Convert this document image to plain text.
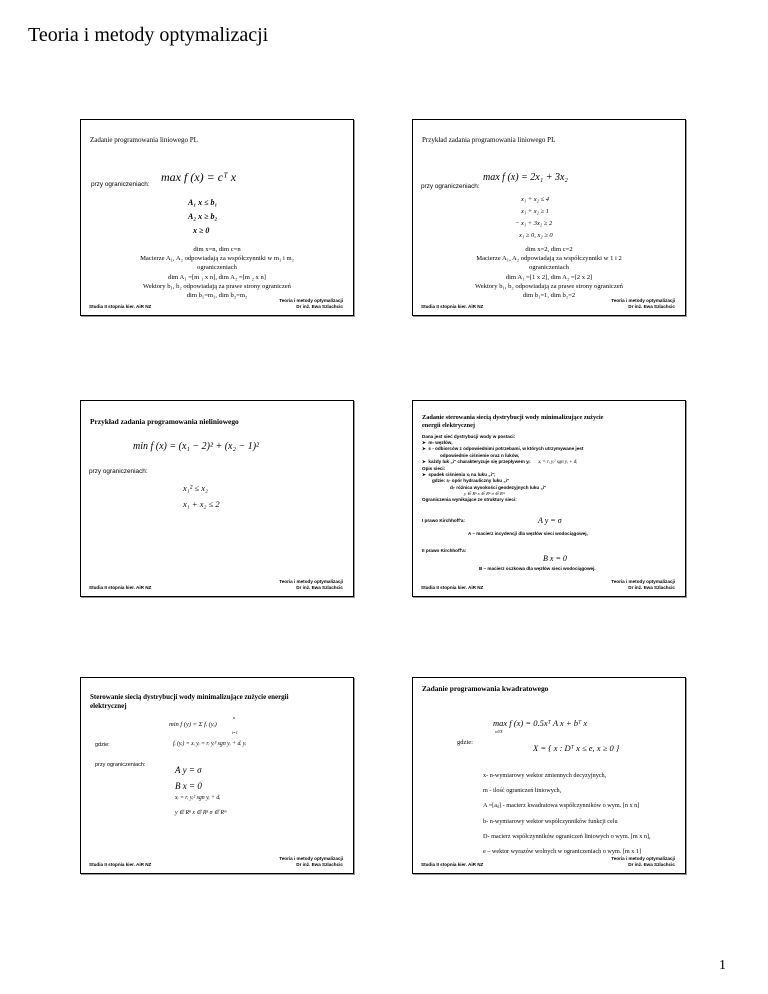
Teoria i metody optymalizacji
Zadanie programowania liniowego PL
max f (x) = cᵀ x
przy ograniczeniach:
A₁ x ≤ b₁
A₂ x ≥ b₂
x ≥ 0
dim x=n, dim c=n
Macierze A₁, A₂ odpowiadają za współczynniki w m₁ i m₂
ograniczeniach
dim A₁ =[m ₁ x n], dim A₂ =[m ₂ x n]
Wektory b₁, b₂ odpowiadają za prawe strony ograniczeń
dim b₁=m₁, dim b₂=m₂
Studia II stopnia kier. AiR NZ
Teoria i metody optymalizacji
Dr inż. Ewa Szlachcic
Przykład zadania programowania liniowego PL
max f (x) = 2x₁ + 3x₂
przy ograniczeniach:
x₁ + x₂ ≤ 4
x₁ + x₂ ≥ 1
− x₁ + 3x₂ ≥ 2
x₁ ≥ 0, x₂ ≥ 0
dim x=2, dim c=2
Macierze A₁, A₂ odpowiadają za współczynniki w 1 i 2
ograniczeniach
dim A₁ =[1 x 2], dim A₂ =[2 x 2]
Wektory b₁, b₂ odpowiadają za prawe strony ograniczeń
dim b₁=1, dim b₂=2
Studia II stopnia kier. AiR NZ
Teoria i metody optymalizacji
Dr inż. Ewa Szlachcic
Przykład zadania programowania nieliniowego
min f (x) = (x₁ − 2)² + (x₂ − 1)²
przy ograniczeniach:
x₁² ≤ x₂
x₁ + x₂ ≤ 2
Studia II stopnia kier. AiR NZ
Teoria i metody optymalizacji
Dr inż. Ewa Szlachcic
Zadanie sterowania siecią dystrybucji wody minimalizujące zużycie
energii elektrycznej
Dana jest sieć dystrybucji wody w postaci:
➤  m- węzłów,
➤  s - odbiorców z odpowiednimi potrzebami, w których utrzymywane jest
odpowiednie ciśnienie oraz n luków,
➤  każdy luk „i" charakteryzuje się przepływem yᵢ: xᵢ = rᵢ yᵢ² sgn yᵢ + dᵢ
Opis sieci:
➤  spadek ciśnienia xᵢ na luku „i";
gdzie: rᵢ- opór hydrauliczny luku „i"
dᵢ- różnica wysokości geodezyjnych luku „i"
y ∈ Rⁿ x ∈ Rⁿ σ ∈ Rᵐ
Ograniczenia wynikające ze struktury sieci:
I prawo Kirchhoff'a:	A y = σ
A – macierz incydencji dla węzłów sieci wodociągowej,
II prawo Kirchhoff'a:
B x = 0
B – macierz oczkowa dla węzłów sieci wodociągowej.
Studia II stopnia kier. AiR NZ
Teoria i metody optymalizacji
Dr inż. Ewa Szlachcic
Sterowanie siecią dystrybucji wody minimalizujące zużycie energii
elektrycznej
min f (y) = Σ fᵢ (yᵢ)
n
i=1
gdzie:	fᵢ (yᵢ) = xᵢ yᵢ = rᵢ yᵢ³ sgn yᵢ + dᵢ yᵢ
przy ograniczeniach:	A y = σ
B x = 0
xᵢ = rᵢ yᵢ² sgn yᵢ + dᵢ
y ∈ Rⁿ x ∈ Rⁿ σ ∈ Rᵐ
Studia II stopnia kier. AiR NZ
Teoria i metody optymalizacji
Dr inż. Ewa Szlachcic
Zadanie programowania kwadratowego
max f (x) = 0.5xᵀ A x + bᵀ x
x∈X
gdzie:
X = { x : Dᵀ x ≤ e, x ≥ 0 }
x- n-wymiarowy wektor zmiennych decyzyjnych,
m - ilość ograniczeń liniowych,
A =[aᵢⱼ] - macierz kwadratowa współczynników o wym. [n x n]
b- n-wymiarowy wektor współczynników funkcji celu
D- macierz współczynników ograniczeń liniowych o wym. [m x n],
e – wektor wyrazów wolnych w ograniczeniach o wym. [m x 1]
Studia II stopnia kier. AiR NZ
Teoria i metody optymalizacji
Dr inż. Ewa Szlachcic
1
